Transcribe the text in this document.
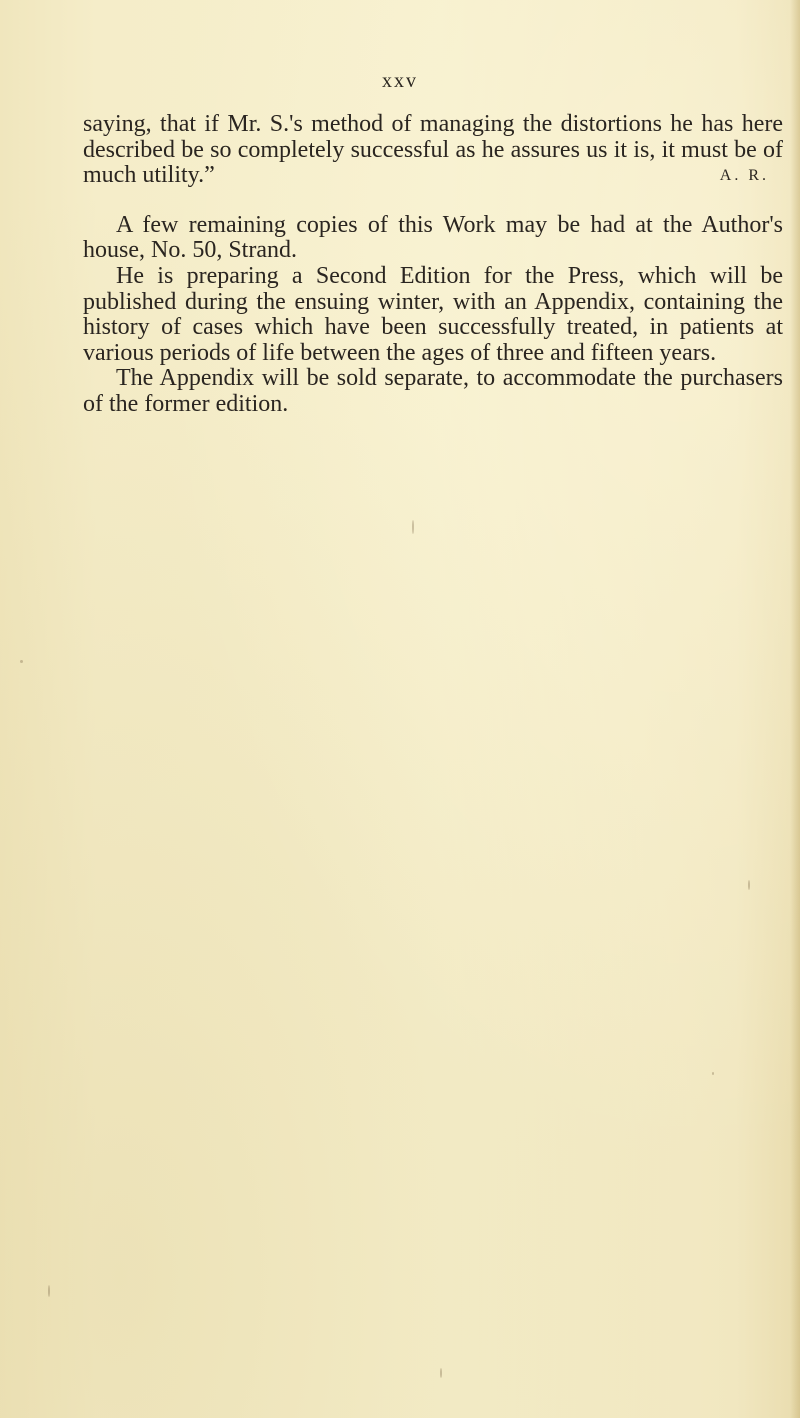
xxv

saying, that if Mr. S.'s method of managing the distortions he has here described be so completely successful as he assures us it is, it must be of much utility.”	A. R.

A few remaining copies of this Work may be had at the Author's house, No. 50, Strand.

He is preparing a Second Edition for the Press, which will be published during the ensuing winter, with an Appendix, containing the history of cases which have been successfully treated, in patients at various periods of life between the ages of three and fifteen years.

The Appendix will be sold separate, to accommodate the purchasers of the former edition.
